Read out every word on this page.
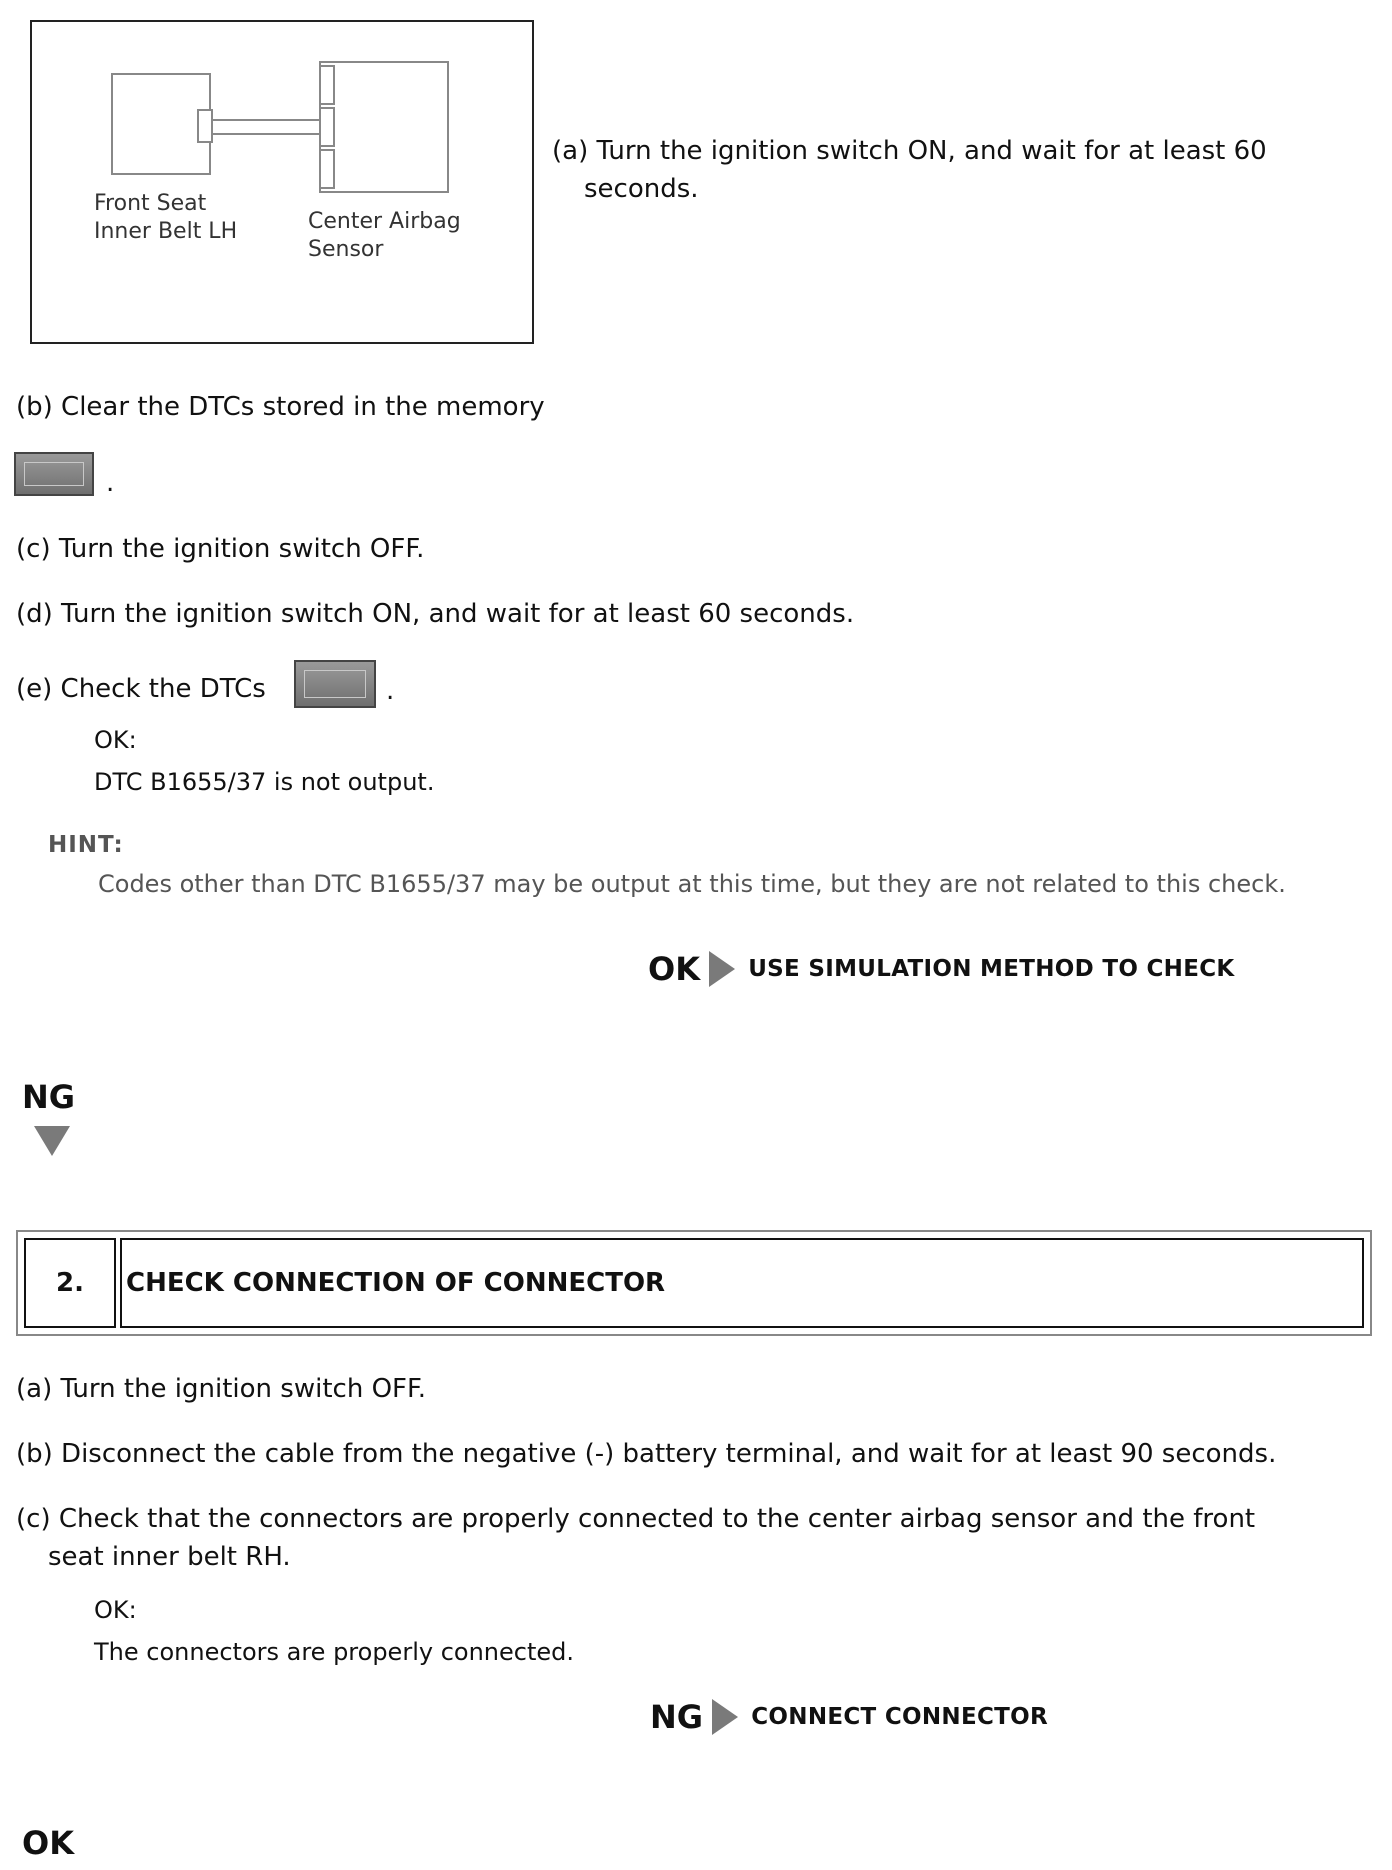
Front Seat
Inner Belt LH	Center Airbag
Sensor
(a) Turn the ignition switch ON, and wait for at least 60
seconds.
(b) Clear the DTCs stored in the memory
.
(c) Turn the ignition switch OFF.
(d) Turn the ignition switch ON, and wait for at least 60 seconds.
(e) Check the DTCs	.
OK:
DTC B1655/37 is not output.
HINT:
Codes other than DTC B1655/37 may be output at this time, but they are not related to this check.
OK USE SIMULATION METHOD TO CHECK
NG
2. CHECK CONNECTION OF CONNECTOR
(a) Turn the ignition switch OFF.
(b) Disconnect the cable from the negative (-) battery terminal, and wait for at least 90 seconds.
(c) Check that the connectors are properly connected to the center airbag sensor and the front
seat inner belt RH.
OK:
The connectors are properly connected.
NG CONNECT CONNECTOR
OK
